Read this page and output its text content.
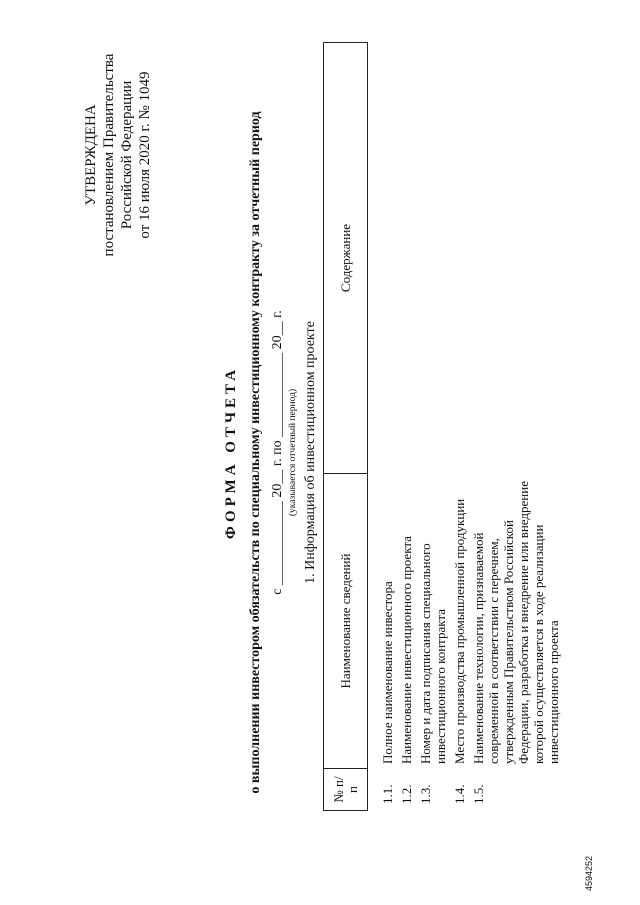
УТВЕРЖДЕНА постановлением Правительства Российской Федерации от 16 июля 2020 г. № 1049
ФОРМА ОТЧЕТА о выполнении инвестором обязательств по специальному инвестиционному контракту за отчетный период с ____________ 20__ г. по ____________ 20__ г. (указывается отчетный период) 1. Информация об инвестиционном проекте
№ п/п	Наименование сведений	Содержание
1.1.	Полное наименование инвестора	
1.2.	Наименование инвестиционного проекта	
1.3.	Номер и дата подписания специального инвестиционного контракта	
1.4.	Место производства промышленной продукции	
1.5.	Наименование технологии, признаваемой современной в соответствии с перечнем, утвержденным Правительством Российской Федерации, разработка и внедрение или внедрение которой осуществляется в ходе реализации инвестиционного проекта	
4594252
